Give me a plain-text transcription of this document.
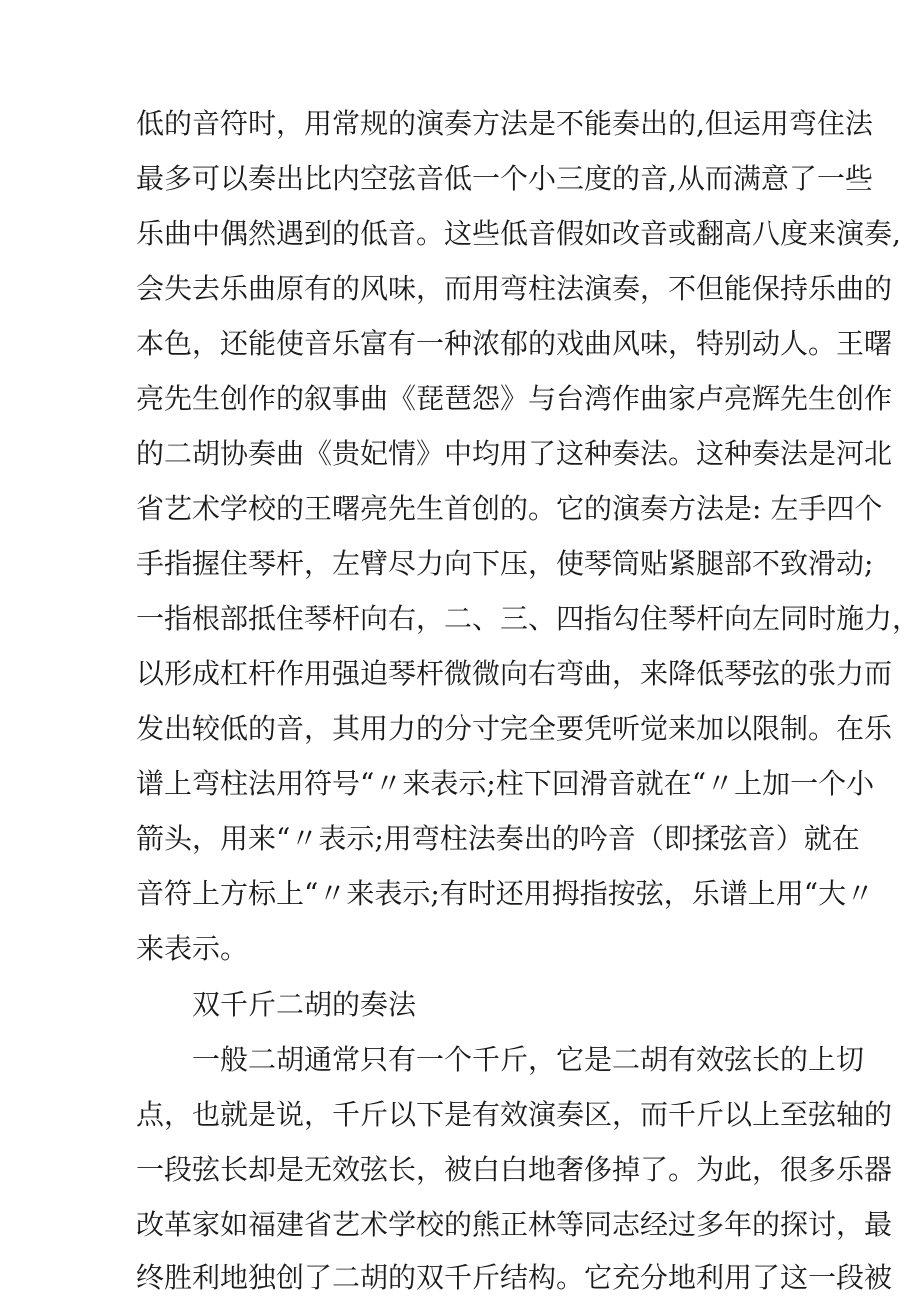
低的音符时，用常规的演奏方法是不能奏出的,但运用弯住法
最多可以奏出比内空弦音低一个小三度的音,从而满意了一些
乐曲中偶然遇到的低音。这些低音假如改音或翻高八度来演奏,
会失去乐曲原有的风味，而用弯柱法演奏，不但能保持乐曲的
本色，还能使音乐富有一种浓郁的戏曲风味，特别动人。王曙
亮先生创作的叙事曲《琵琶怨》与台湾作曲家卢亮辉先生创作
的二胡协奏曲《贵妃情》中均用了这种奏法。这种奏法是河北
省艺术学校的王曙亮先生首创的。它的演奏方法是: 左手四个
手指握住琴杆，左臂尽力向下压，使琴筒贴紧腿部不致滑动;
一指根部抵住琴杆向右，二、三、四指勾住琴杆向左同时施力，
以形成杠杆作用强迫琴杆微微向右弯曲，来降低琴弦的张力而
发出较低的音，其用力的分寸完全要凭听觉来加以限制。在乐
谱上弯柱法用符号“〃来表示;柱下回滑音就在“〃上加一个小
箭头，用来“〃表示;用弯柱法奏出的吟音（即揉弦音）就在
音符上方标上“〃来表示;有时还用拇指按弦，乐谱上用“大〃
来表示。
双千斤二胡的奏法
一般二胡通常只有一个千斤，它是二胡有效弦长的上切
点，也就是说，千斤以下是有效演奏区，而千斤以上至弦轴的
一段弦长却是无效弦长，被白白地奢侈掉了。为此，很多乐器
改革家如福建省艺术学校的熊正林等同志经过多年的探讨，最
终胜利地独创了二胡的双千斤结构。它充分地利用了这一段被
